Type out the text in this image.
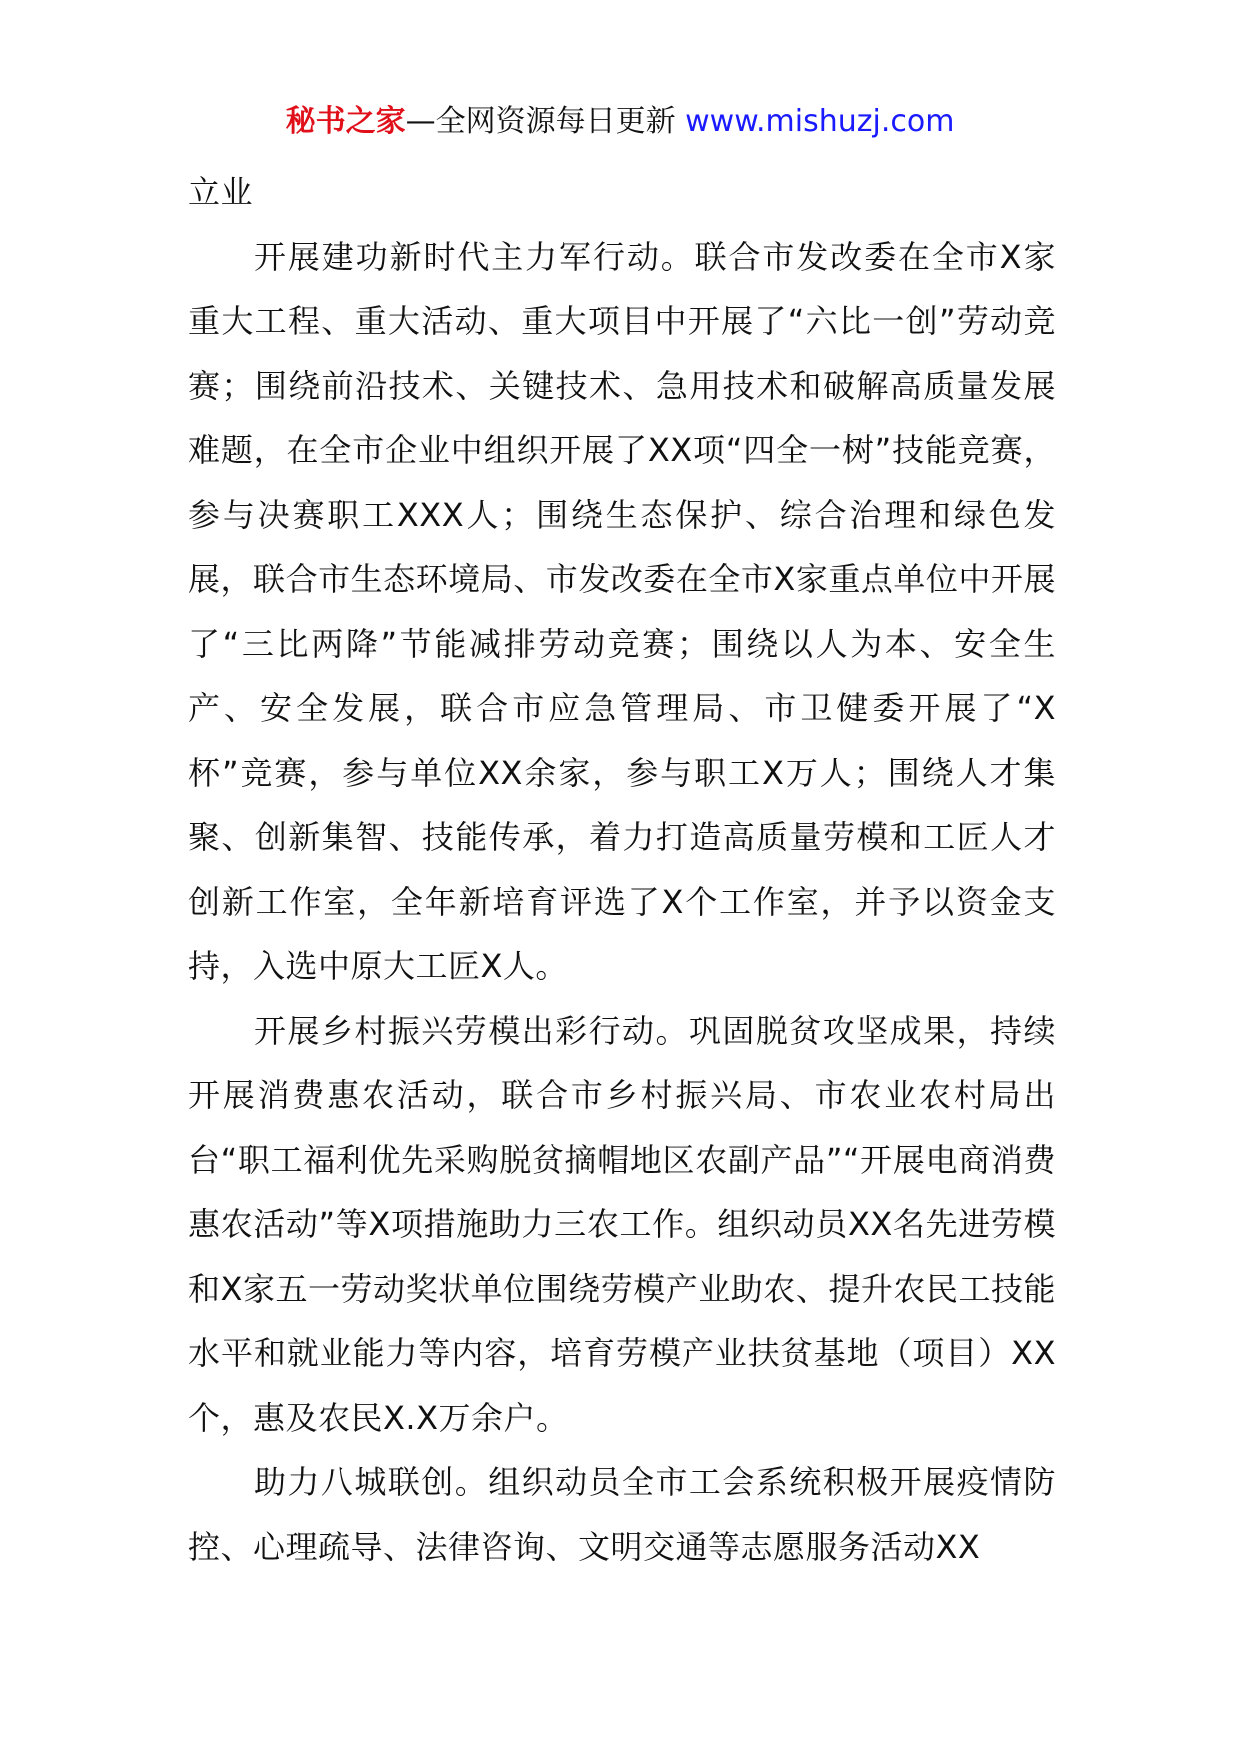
秘书之家—全网资源每日更新 www.mishuzj.com

立业

开展建功新时代主力军行动。联合市发改委在全市X家重大工程、重大活动、重大项目中开展了“六比一创”劳动竞赛；围绕前沿技术、关键技术、急用技术和破解高质量发展难题，在全市企业中组织开展了XX项“四全一树”技能竞赛，参与决赛职工XXX人；围绕生态保护、综合治理和绿色发展，联合市生态环境局、市发改委在全市X家重点单位中开展了“三比两降”节能减排劳动竞赛；围绕以人为本、安全生产、安全发展，联合市应急管理局、市卫健委开展了“X杯”竞赛，参与单位XX余家，参与职工X万人；围绕人才集聚、创新集智、技能传承，着力打造高质量劳模和工匠人才创新工作室，全年新培育评选了X个工作室，并予以资金支持，入选中原大工匠X人。

开展乡村振兴劳模出彩行动。巩固脱贫攻坚成果，持续开展消费惠农活动，联合市乡村振兴局、市农业农村局出台“职工福利优先采购脱贫摘帽地区农副产品”“开展电商消费惠农活动”等X项措施助力三农工作。组织动员XX名先进劳模和X家五一劳动奖状单位围绕劳模产业助农、提升农民工技能水平和就业能力等内容，培育劳模产业扶贫基地（项目）XX个，惠及农民X.X万余户。

助力八城联创。组织动员全市工会系统积极开展疫情防控、心理疏导、法律咨询、文明交通等志愿服务活动XX
